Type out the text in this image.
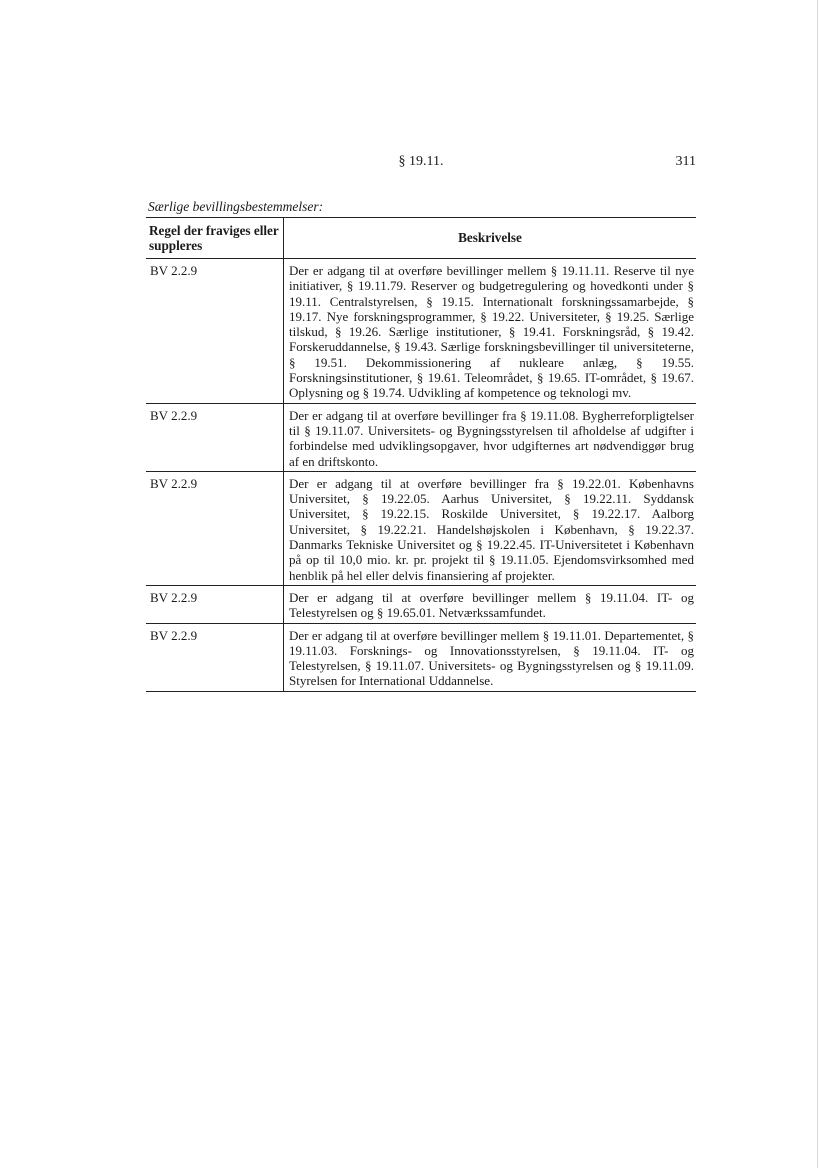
§ 19.11.	311
Særlige bevillingsbestemmelser:
Regel der fraviges eller suppleres	Beskrivelse
BV 2.2.9	Der er adgang til at overføre bevillinger mellem § 19.11.11. Reserve til nye initiativer, § 19.11.79. Reserver og budgetregulering og hovedkonti under § 19.11. Centralstyrelsen, § 19.15. Internationalt forskningssamarbejde, § 19.17. Nye forskningsprogrammer, § 19.22. Universiteter, § 19.25. Særlige tilskud, § 19.26. Særlige institutioner, § 19.41. Forskningsråd, § 19.42. Forskeruddannelse, § 19.43. Særlige forskningsbevillinger til universiteterne, § 19.51. Dekommissionering af nukleare anlæg, § 19.55. Forskningsinstitutioner, § 19.61. Teleområdet, § 19.65. IT-området, § 19.67. Oplysning og § 19.74. Udvikling af kompetence og teknologi mv.
BV 2.2.9	Der er adgang til at overføre bevillinger fra § 19.11.08. Bygherreforpligtelser til § 19.11.07. Universitets- og Bygningsstyrelsen til afholdelse af udgifter i forbindelse med udviklingsopgaver, hvor udgifternes art nødvendiggør brug af en driftskonto.
BV 2.2.9	Der er adgang til at overføre bevillinger fra § 19.22.01. Københavns Universitet, § 19.22.05. Aarhus Universitet, § 19.22.11. Syddansk Universitet, § 19.22.15. Roskilde Universitet, § 19.22.17. Aalborg Universitet, § 19.22.21. Handelshøjskolen i København, § 19.22.37. Danmarks Tekniske Universitet og § 19.22.45. IT-Universitetet i København på op til 10,0 mio. kr. pr. projekt til § 19.11.05. Ejendomsvirksomhed med henblik på hel eller delvis finansiering af projekter.
BV 2.2.9	Der er adgang til at overføre bevillinger mellem § 19.11.04. IT- og Telestyrelsen og § 19.65.01. Netværkssamfundet.
BV 2.2.9	Der er adgang til at overføre bevillinger mellem § 19.11.01. Departementet, § 19.11.03. Forsknings- og Innovationsstyrelsen, § 19.11.04. IT- og Telestyrelsen, § 19.11.07. Universitets- og Bygningsstyrelsen og § 19.11.09. Styrelsen for International Uddannelse.
